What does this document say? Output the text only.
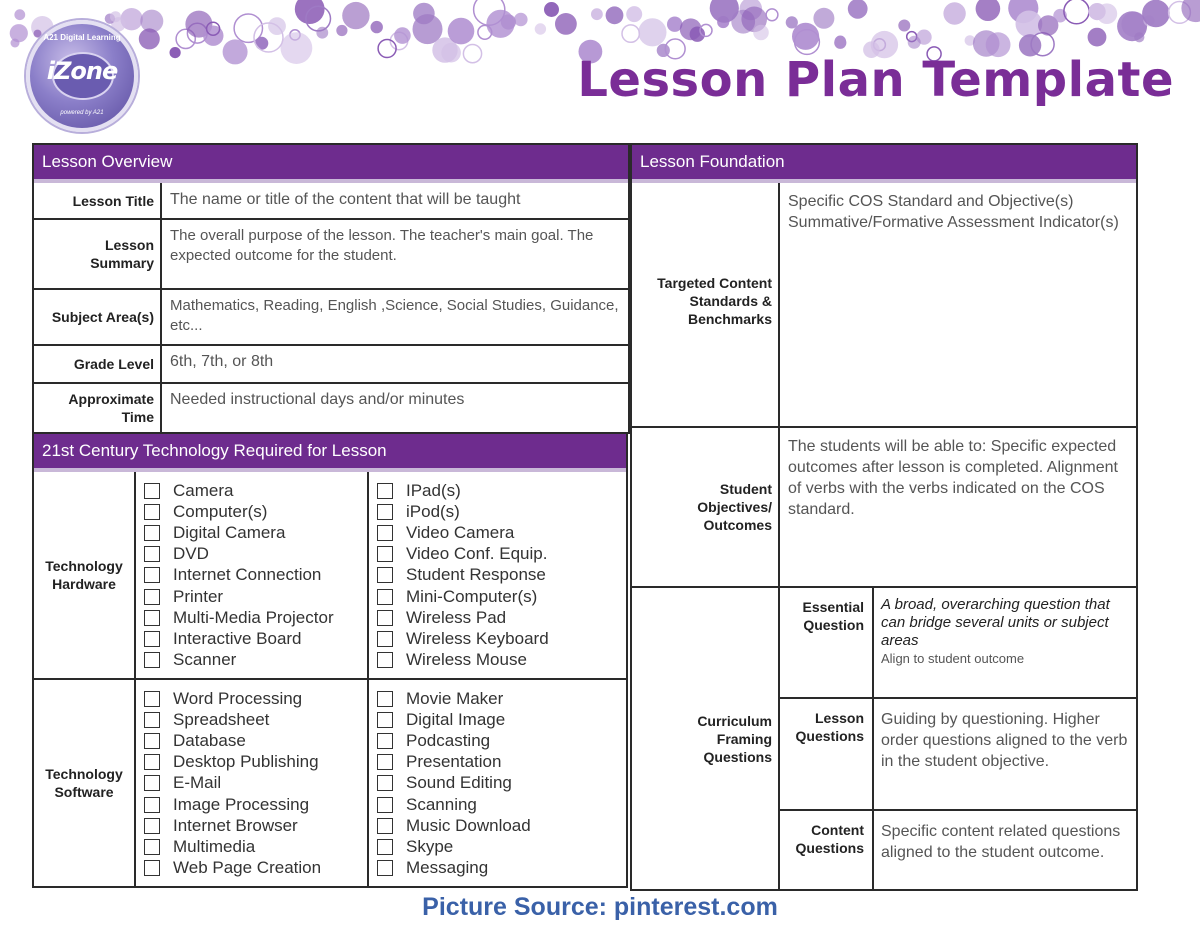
A21 Digital Learning
iZone
powered by A21
Lesson Plan Template
Lesson Overview
Lesson Title	The name or title of the content that will be taught
Lesson Summary
The overall purpose of the lesson. The teacher's main goal. The expected outcome for the student.
Subject Area(s)
Mathematics, Reading, English ,Science, Social Studies, Guidance, etc...
Grade Level	6th, 7th, or 8th
Approximate Time
Needed instructional days and/or minutes
21st Century Technology Required for Lesson
Technology Hardware
Camera
Computer(s)
Digital Camera
DVD
Internet Connection
Printer
Multi-Media Projector
Interactive Board
Scanner
IPad(s)
iPod(s)
Video Camera
Video Conf. Equip.
Student Response
Mini-Computer(s)
Wireless Pad
Wireless Keyboard
Wireless Mouse
Technology Software
Word Processing
Spreadsheet
Database
Desktop Publishing
E-Mail
Image Processing
Internet Browser
Multimedia
Web Page Creation
Movie Maker
Digital Image
Podcasting
Presentation
Sound Editing
Scanning
Music Download
Skype
Messaging
Lesson Foundation
Targeted Content Standards & Benchmarks
Specific COS Standard and Objective(s) Summative/Formative Assessment Indicator(s)
Student Objectives/ Outcomes
The students will be able to: Specific expected outcomes after lesson is completed. Alignment of verbs with the verbs indicated on the COS standard.
Curriculum Framing Questions
Essential Question
A broad, overarching question that can bridge several units or subject areas
Align to student outcome
Lesson Questions
Guiding by questioning. Higher order questions aligned to the verb in the student objective.
Content Questions
Specific content related questions aligned to the student outcome.
Picture Source: pinterest.com
